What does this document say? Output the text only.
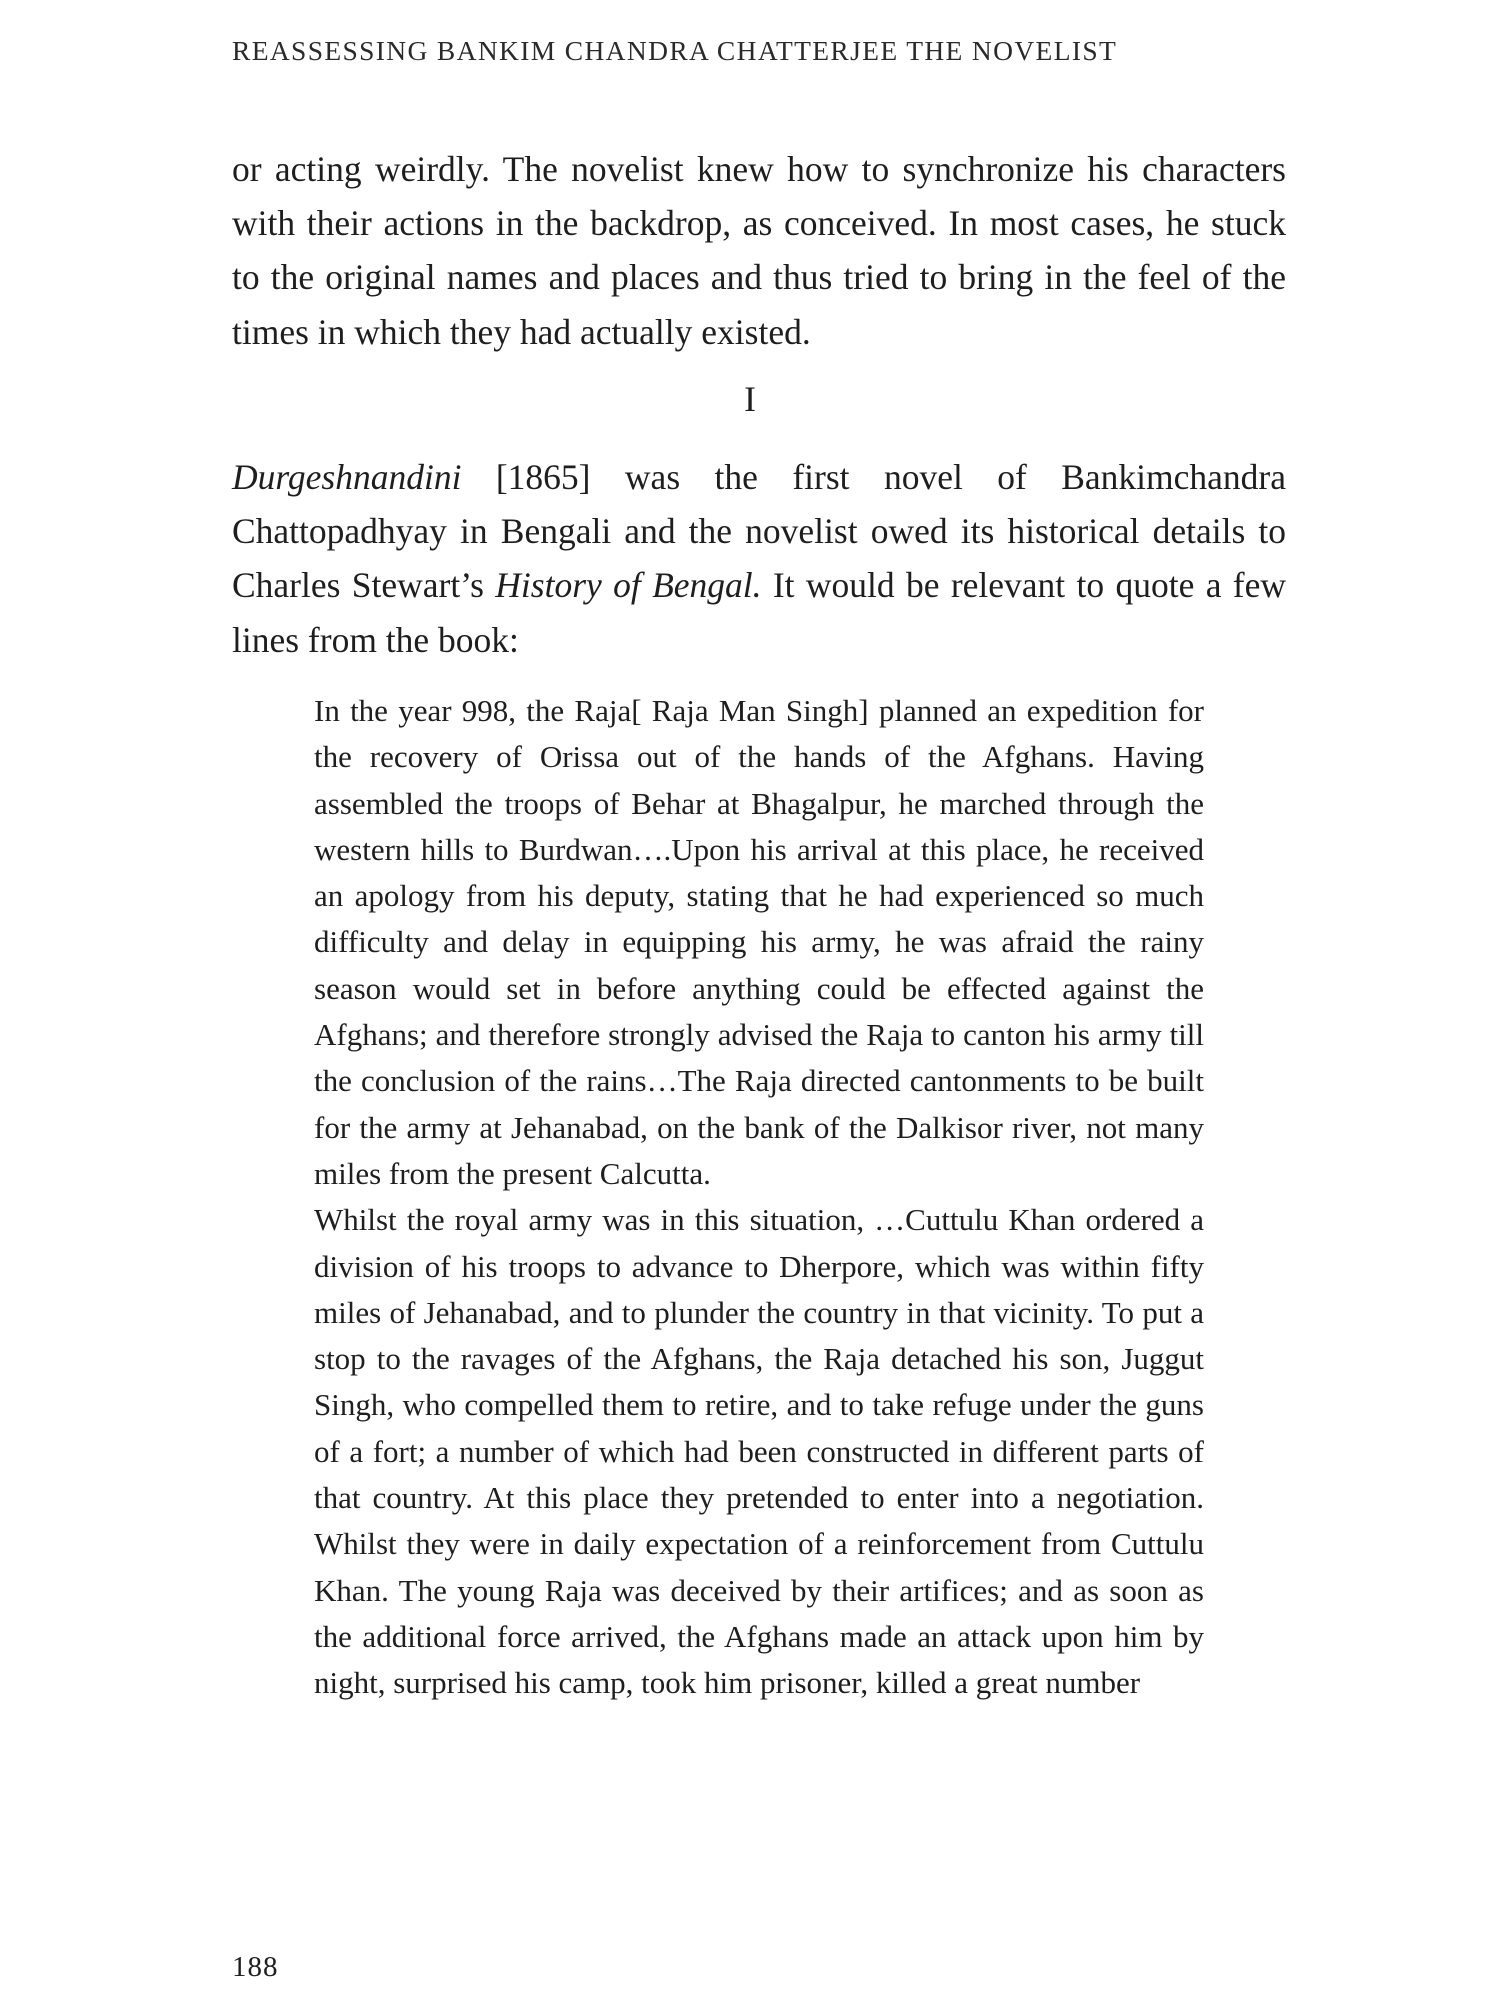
REASSESSING BANKIM CHANDRA CHATTERJEE THE NOVELIST

or acting weirdly. The novelist knew how to synchronize his characters with their actions in the backdrop, as conceived. In most cases, he stuck to the original names and places and thus tried to bring in the feel of the times in which they had actually existed.

I

Durgeshnandini [1865] was the first novel of Bankimchandra Chattopadhyay in Bengali and the novelist owed its historical details to Charles Stewart’s History of Bengal. It would be relevant to quote a few lines from the book:

In the year 998, the Raja[ Raja Man Singh] planned an expedition for the recovery of Orissa out of the hands of the Afghans. Having assembled the troops of Behar at Bhagalpur, he marched through the western hills to Burdwan….Upon his arrival at this place, he received an apology from his deputy, stating that he had experienced so much difficulty and delay in equipping his army, he was afraid the rainy season would set in before anything could be effected against the Afghans; and therefore strongly advised the Raja to canton his army till the conclusion of the rains…The Raja directed cantonments to be built for the army at Jehanabad, on the bank of the Dalkisor river, not many miles from the present Calcutta.

Whilst the royal army was in this situation, …Cuttulu Khan ordered a division of his troops to advance to Dherpore, which was within fifty miles of Jehanabad, and to plunder the country in that vicinity. To put a stop to the ravages of the Afghans, the Raja detached his son, Juggut Singh, who compelled them to retire, and to take refuge under the guns of a fort; a number of which had been constructed in different parts of that country. At this place they pretended to enter into a negotiation. Whilst they were in daily expectation of a reinforcement from Cuttulu Khan. The young Raja was deceived by their artifices; and as soon as the additional force arrived, the Afghans made an attack upon him by night, surprised his camp, took him prisoner, killed a great number

188
